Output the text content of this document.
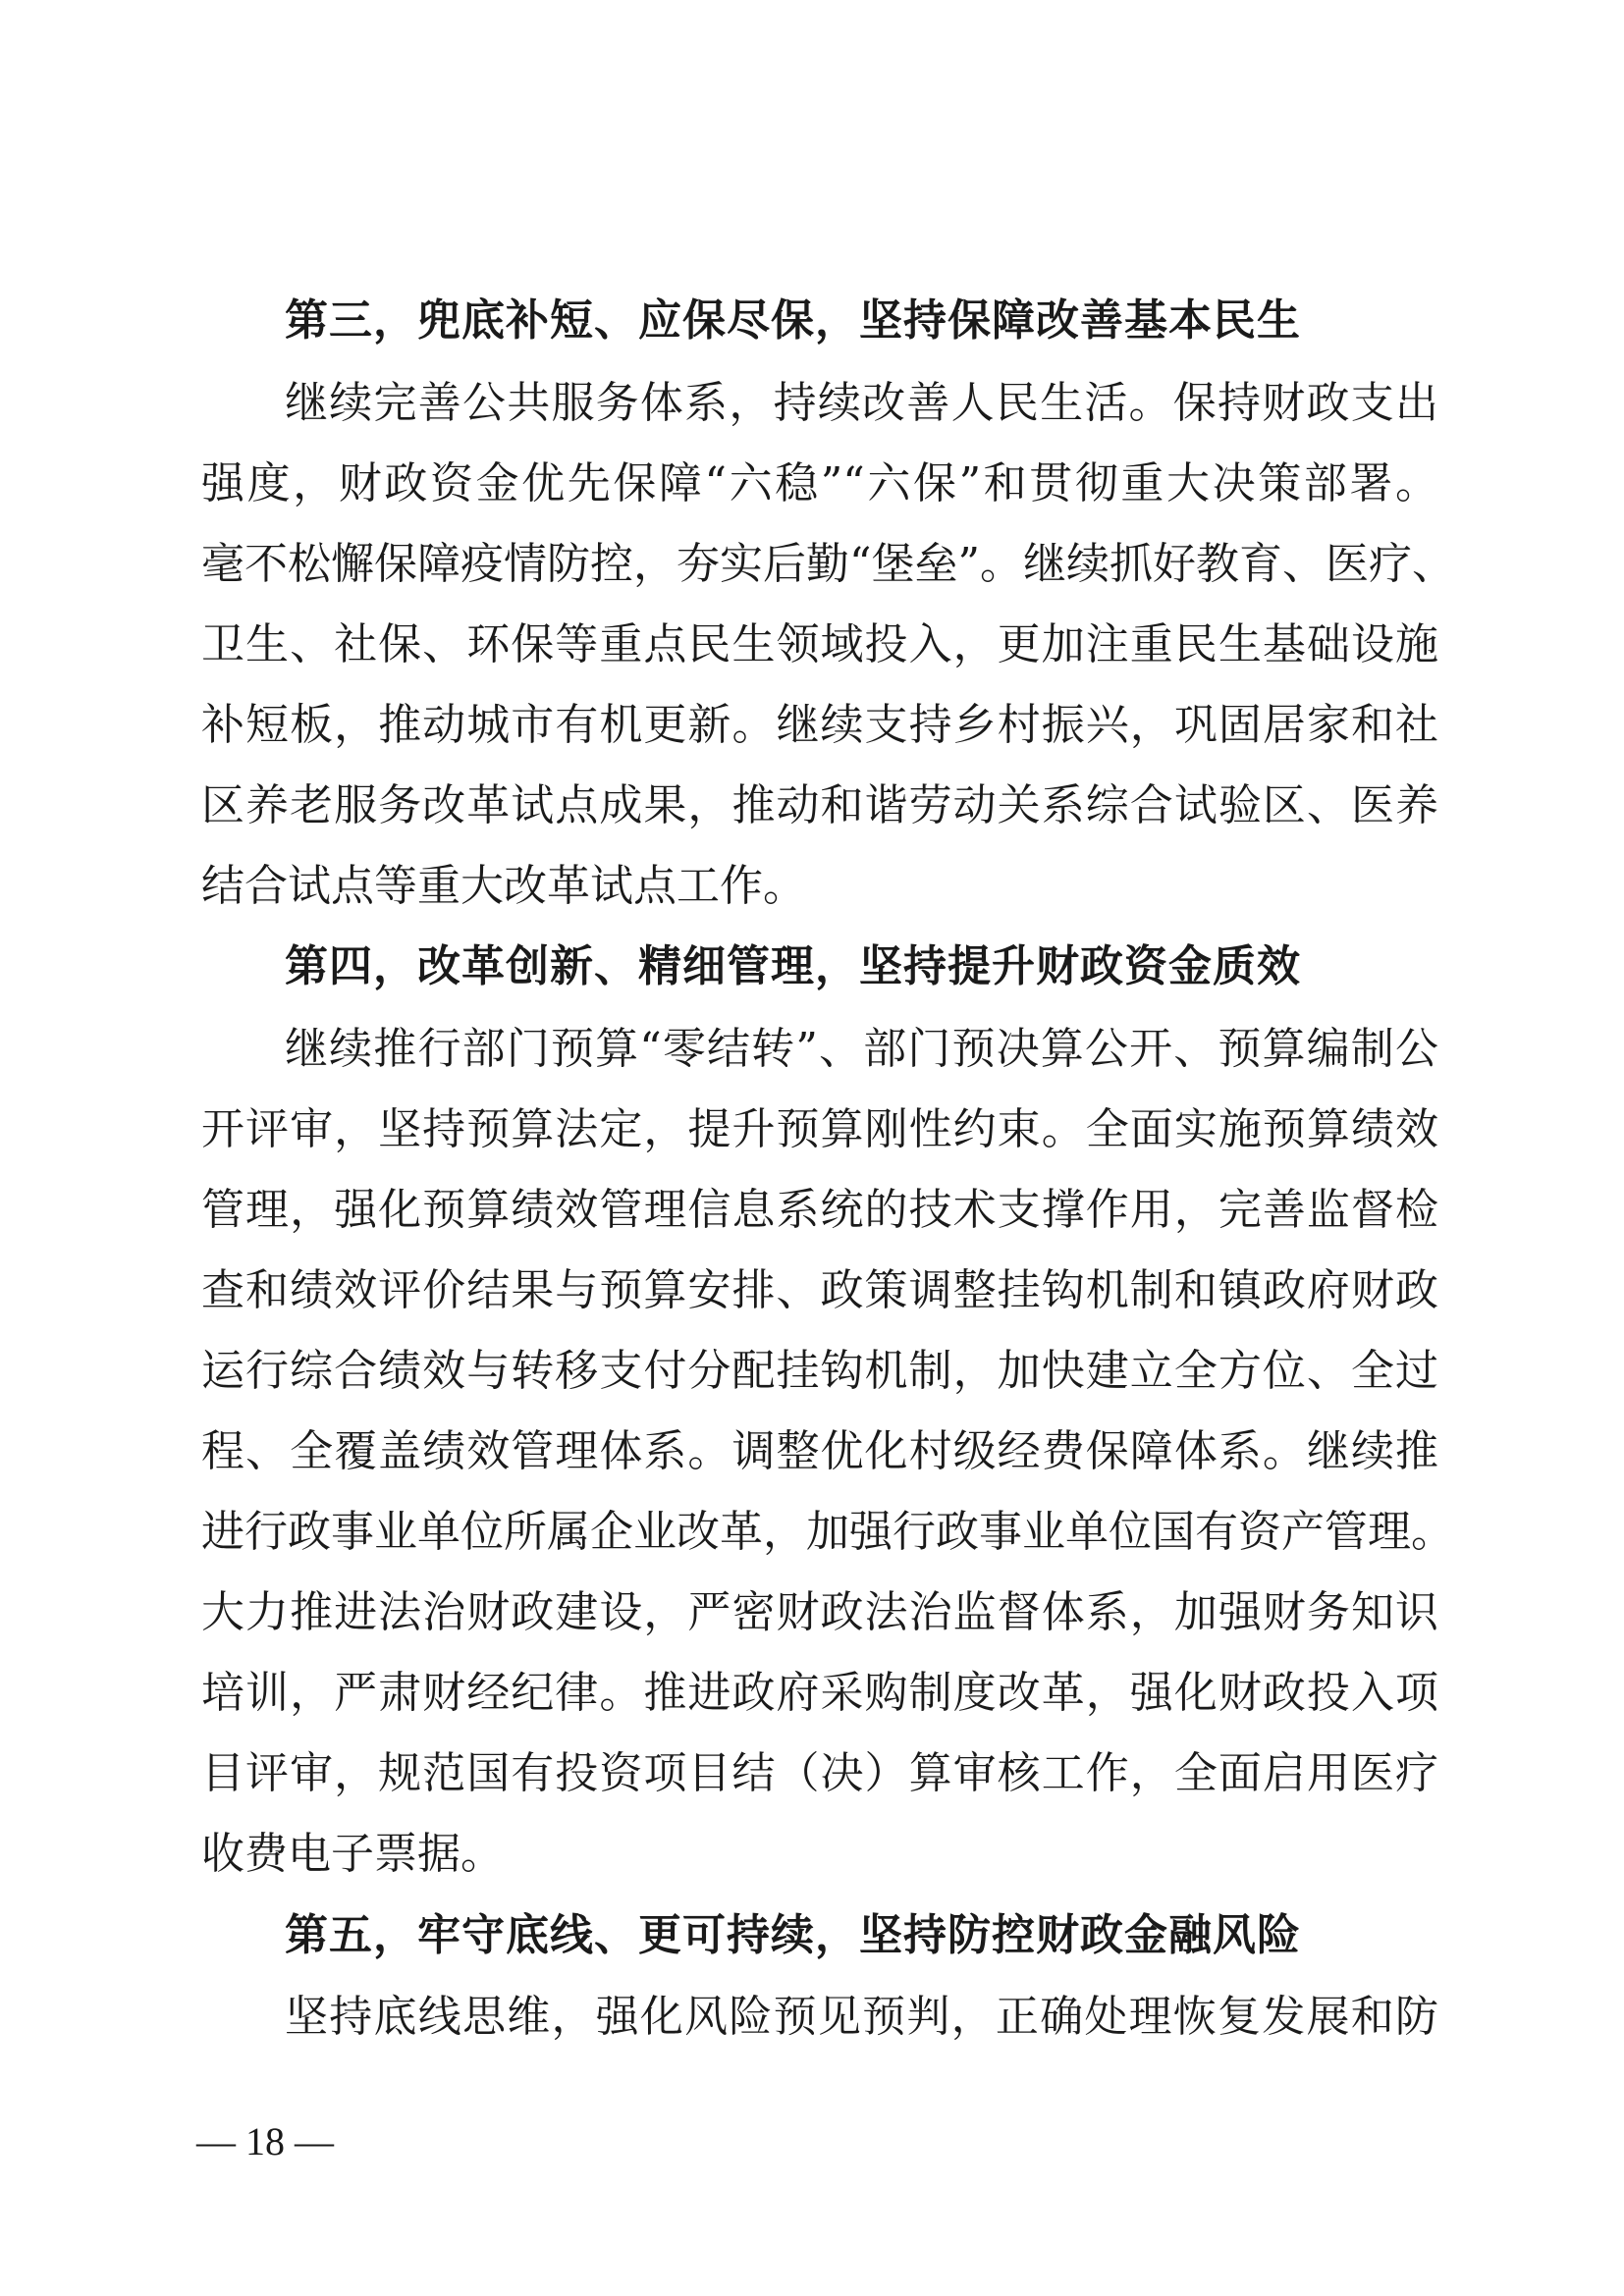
第三，兜底补短、应保尽保，坚持保障改善基本民生
继续完善公共服务体系，持续改善人民生活。保持财政支出
强度，财政资金优先保障“六稳”“六保”和贯彻重大决策部署。
毫不松懈保障疫情防控，夯实后勤“堡垒”。继续抓好教育、医疗、
卫生、社保、环保等重点民生领域投入，更加注重民生基础设施
补短板，推动城市有机更新。继续支持乡村振兴，巩固居家和社
区养老服务改革试点成果，推动和谐劳动关系综合试验区、医养
结合试点等重大改革试点工作。
第四，改革创新、精细管理，坚持提升财政资金质效
继续推行部门预算“零结转”、部门预决算公开、预算编制公
开评审，坚持预算法定，提升预算刚性约束。全面实施预算绩效
管理，强化预算绩效管理信息系统的技术支撑作用，完善监督检
查和绩效评价结果与预算安排、政策调整挂钩机制和镇政府财政
运行综合绩效与转移支付分配挂钩机制，加快建立全方位、全过
程、全覆盖绩效管理体系。调整优化村级经费保障体系。继续推
进行政事业单位所属企业改革，加强行政事业单位国有资产管理。
大力推进法治财政建设，严密财政法治监督体系，加强财务知识
培训，严肃财经纪律。推进政府采购制度改革，强化财政投入项
目评审，规范国有投资项目结（决）算审核工作，全面启用医疗
收费电子票据。
第五，牢守底线、更可持续，坚持防控财政金融风险
坚持底线思维，强化风险预见预判，正确处理恢复发展和防
— 18 —
